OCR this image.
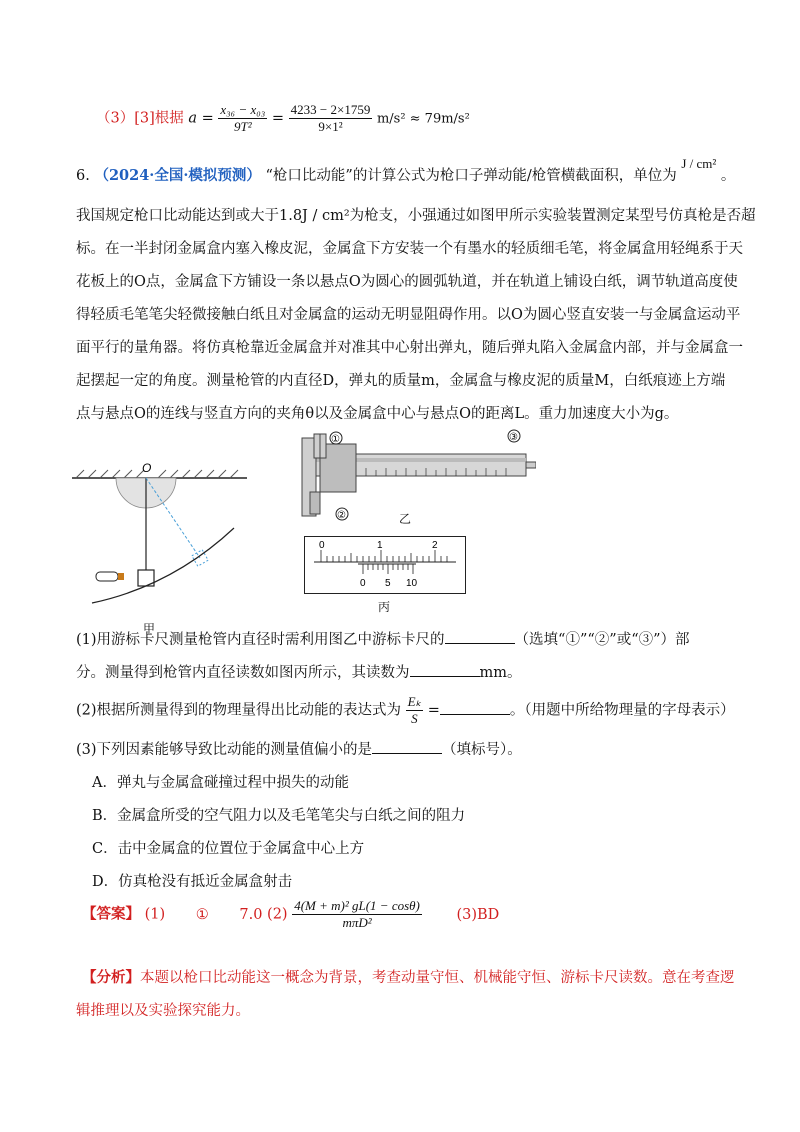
（3）[3]根据 $a = \frac{\text{x₃₆ − x₀₃}}{\text{9T²}} = \frac{4233 - 2\times 1759}{\text{9×1²}} m/s^2 \approx 79m/s^2$
6. （2024·全国·模拟预测） “枪口比动能”的计算公式为枪口子弹动能/枪管横截面积，单位为 J / cm² 。
我国规定枪口比动能达到或大于1.8J / cm²为枪支，小强通过如图甲所示实验装置测定某型号仿真枪是否超
标。在一半封闭金属盒内塞入橡皮泥，金属盒下方安装一个有墨水的轻质细毛笔，将金属盒用轻绳系于天
花板上的O点，金属盒下方铺设一条以悬点O为圆心的圆弧轨道，并在轨道上铺设白纸，调节轨道高度使
得轻质毛笔笔尖轻微接触白纸且对金属盒的运动无明显阻碍作用。以O为圆心竖直安装一与金属盒运动平
面平行的量角器。将仿真枪靠近金属盒并对准其中心射出弹丸，随后弹丸陷入金属盒内部，并与金属盒一
起摆起一定的角度。测量枪管的内直径D，弹丸的质量m，金属盒与橡皮泥的质量M，白纸痕迹上方端
点与悬点O的连线与竖直方向的夹角θ以及金属盒中心与悬点O的距离L。重力加速度大小为g。
O
甲
①
②
③
乙
0	1	2
0 5 10
丙
(1)用游标卡尺测量枪管内直径时需利用图乙中游标卡尺的	（选填“①”“②”或“③”）部
分。测量得到枪管内直径读数如图丙所示，其读数为	mm。
(2)根据所测量得到的物理量得出比动能的表达式为 $\frac{\text{Eₖ}}{S}$ =	。（用题中所给物理量的字母表示）
(3)下列因素能够导致比动能的测量值偏小的是	（填标号）。
A．弹丸与金属盒碰撞过程中损失的动能
B．金属盒所受的空气阻力以及毛笔笔尖与白纸之间的阻力
C．击中金属盒的位置位于金属盒中心上方
D．仿真枪没有抵近金属盒射击
【答案】 (1) ① 7.0 $(2) \frac{\text{4(M + m)² gL(1 − cosθ)}}{\text{mπD²}} (3)BD$
【分析】本题以枪口比动能这一概念为背景，考查动量守恒、机械能守恒、游标卡尺读数。意在考查逻
辑推理以及实验探究能力。
